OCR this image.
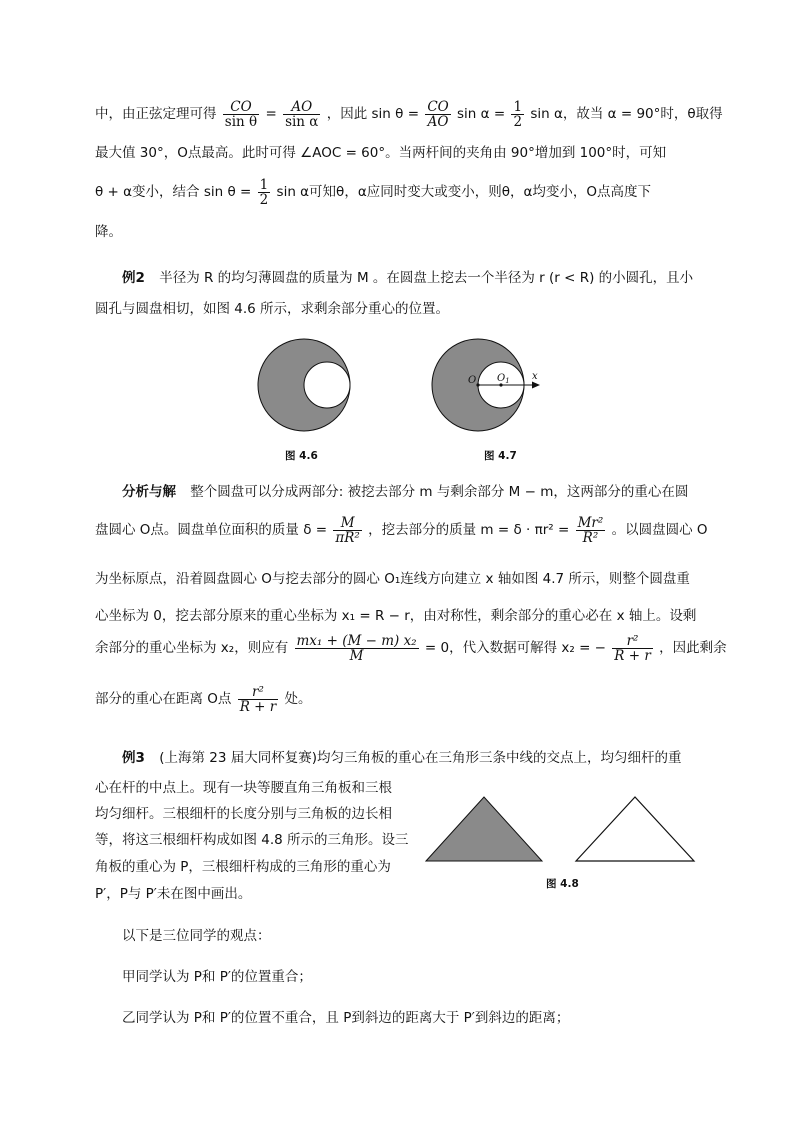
中，由正弦定理可得 $\frac{CO}{\text{sin θ}} = \frac{AO}{\text{sin α}}$ ，因此 $\sin \theta = \frac{CO}{AO}$ $\sin \alpha = \frac{1}{2}$ sin α，故当 α = 90°时，θ取得
最大值 30°，O点最高。此时可得 ∠AOC = 60°。当两杆间的夹角由 90°增加到 100°时，可知
θ + α变小，结合 $\sin \theta = \frac{1}{2}$ sin α可知θ，α应同时变大或变小，则θ，α均变小，O点高度下
降。
例2 半径为 R 的均匀薄圆盘的质量为 M 。在圆盘上挖去一个半径为 r (r < R) 的小圆孔，且小
圆孔与圆盘相切，如图 4.6 所示，求剩余部分重心的位置。
图 4.6
O $O_1$ x
图 4.7
分析与解 整个圆盘可以分成两部分: 被挖去部分 m 与剩余部分 M − m，这两部分的重心在圆
盘圆心 O点。圆盘单位面积的质量 $\delta = \frac{M}{\text{πR²}}$ ，挖去部分的质量 $m = \delta \cdot \pi r^2 = \frac{\text{Mr²}}{\text{R²}}$ 。以圆盘圆心 O
为坐标原点，沿着圆盘圆心 O与挖去部分的圆心 O₁连线方向建立 x 轴如图 4.7 所示，则整个圆盘重
心坐标为 0，挖去部分原来的重心坐标为 x₁ = R − r，由对称性，剩余部分的重心必在 x 轴上。设剩
余部分的重心坐标为 x₂，则应有 $\frac{\text{mx₁ + (M − m) x₂}}{M} = 0$，代入数据可解得 x₂ = − $\frac{\text{r²}}{R + r}$ ，因此剩余
部分的重心在距离 O点 $\frac{\text{r²}}{R + r}$ 处。
例3 (上海第 23 届大同杯复赛)均匀三角板的重心在三角形三条中线的交点上，均匀细杆的重
心在杆的中点上。现有一块等腰直角三角板和三根
均匀细杆。三根细杆的长度分别与三角板的边长相
等，将这三根细杆构成如图 4.8 所示的三角形。设三
角板的重心为 P，三根细杆构成的三角形的重心为
P′，P与 P′未在图中画出。
图 4.8
以下是三位同学的观点：
甲同学认为 P和 P′的位置重合；
乙同学认为 P和 P′的位置不重合，且 P到斜边的距离大于 P′到斜边的距离；
